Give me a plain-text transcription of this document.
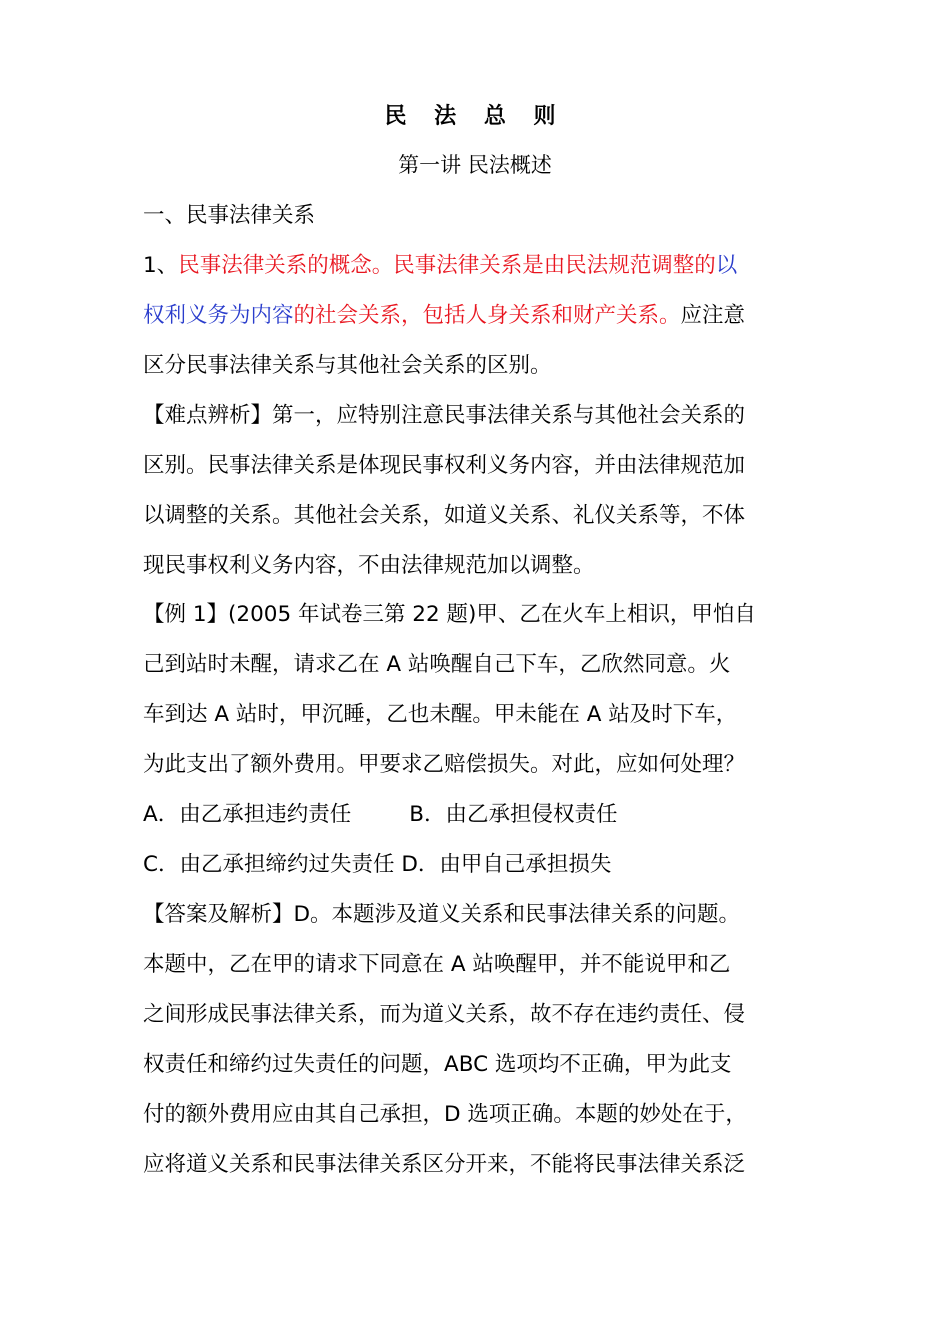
民 法 总 则
第一讲 民法概述
一、民事法律关系
1、民事法律关系的概念。民事法律关系是由民法规范调整的以
权利义务为内容的社会关系，包括人身关系和财产关系。应注意
区分民事法律关系与其他社会关系的区别。
【难点辨析】第一，应特别注意民事法律关系与其他社会关系的
区别。民事法律关系是体现民事权利义务内容，并由法律规范加
以调整的关系。其他社会关系，如道义关系、礼仪关系等，不体
现民事权利义务内容，不由法律规范加以调整。
【例 1】(2005 年试卷三第 22 题)甲、乙在火车上相识，甲怕自
己到站时未醒，请求乙在 A 站唤醒自己下车，乙欣然同意。火
车到达 A 站时，甲沉睡，乙也未醒。甲未能在 A 站及时下车，
为此支出了额外费用。甲要求乙赔偿损失。对此，应如何处理？
A．由乙承担违约责任	B．由乙承担侵权责任
C．由乙承担缔约过失责任 D．由甲自己承担损失
【答案及解析】D。本题涉及道义关系和民事法律关系的问题。
本题中，乙在甲的请求下同意在 A 站唤醒甲，并不能说甲和乙
之间形成民事法律关系，而为道义关系，故不存在违约责任、侵
权责任和缔约过失责任的问题，ABC 选项均不正确，甲为此支
付的额外费用应由其自己承担，D 选项正确。本题的妙处在于，
应将道义关系和民事法律关系区分开来，不能将民事法律关系泛
